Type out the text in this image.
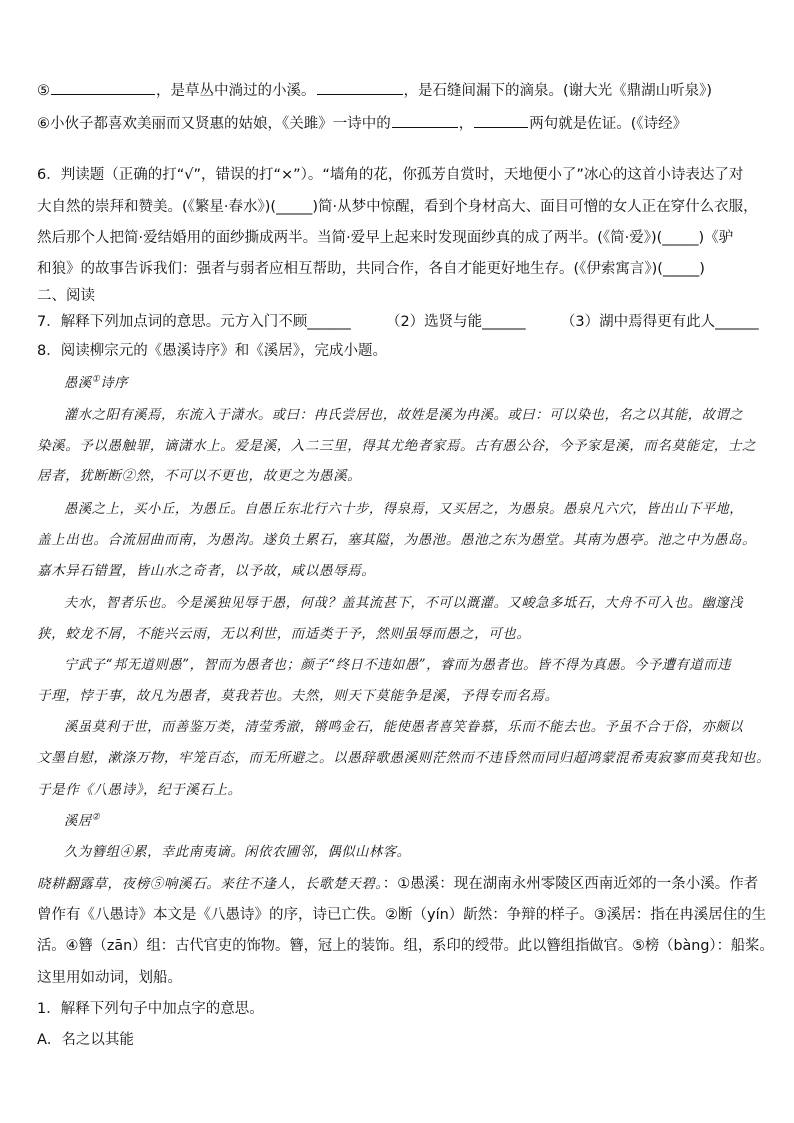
⑤	，是草丛中淌过的小溪。	，是石缝间漏下的滴泉。(谢大光《鼎湖山听泉》)
⑥小伙子都喜欢美丽而又贤惠的姑娘，《关雎》一诗中的	，	两句就是佐证。(《诗经》
6．判读题（正确的打“√”，错误的打“×”）。“墙角的花，你孤芳自赏时，天地便小了”冰心的这首小诗表达了对
大自然的崇拜和赞美。(《繁星·春水》)(_____)简·从梦中惊醒，看到个身材高大、面目可憎的女人正在穿什么衣服，
然后那个人把简·爱结婚用的面纱撕成两半。当简·爱早上起来时发现面纱真的成了两半。(《简·爱》)(_____)《驴
和狼》的故事告诉我们：强者与弱者应相互帮助，共同合作，各自才能更好地生存。(《伊索寓言》)(_____)
二、阅读
7．解释下列加点词的意思。元方入门不顾______ （2）选贤与能______ （3）湖中焉得更有此人______
8．阅读柳宗元的《愚溪诗序》和《溪居》，完成小题。
愚溪①诗序
灌水之阳有溪焉，东流入于潇水。或曰：冉氏尝居也，故姓是溪为冉溪。或曰：可以染也，名之以其能，故谓之
染溪。予以愚触罪，谪潇水上。爱是溪，入二三里，得其尤绝者家焉。古有愚公谷，今予家是溪，而名莫能定，士之
居者，犹断断②然，不可以不更也，故更之为愚溪。
愚溪之上，买小丘，为愚丘。自愚丘东北行六十步，得泉焉，又买居之，为愚泉。愚泉凡六穴，皆出山下平地，
盖上出也。合流屈曲而南，为愚沟。遂负土累石，塞其隘，为愚池。愚池之东为愚堂。其南为愚亭。池之中为愚岛。
嘉木异石错置，皆山水之奇者，以予故，咸以愚辱焉。
夫水，智者乐也。今是溪独见辱于愚，何哉？盖其流甚下，不可以溉灌。又峻急多坻石，大舟不可入也。幽邃浅
狭，蛟龙不屑，不能兴云雨，无以利世，而适类于予，然则虽辱而愚之，可也。
宁武子“邦无道则愚”，智而为愚者也；颜子“终日不违如愚”，睿而为愚者也。皆不得为真愚。今予遭有道而违
于理，悖于事，故凡为愚者，莫我若也。夫然，则天下莫能争是溪，予得专而名焉。
溪虽莫利于世，而善鉴万类，清莹秀澈，锵鸣金石，能使愚者喜笑眷慕，乐而不能去也。予虽不合于俗，亦颇以
文墨自慰，漱涤万物，牢笼百态，而无所避之。以愚辞歌愚溪则茫然而不违昏然而同归超鸿蒙混希夷寂寥而莫我知也。
于是作《八愚诗》，纪于溪石上。
溪居②
久为簪组④累，幸此南夷谪。闲依农圃邻，偶似山林客。
晓耕翻露草，夜榜⑤响溪石。来往不逢人，长歌楚天碧。：①愚溪：现在湖南永州零陵区西南近郊的一条小溪。作者
曾作有《八愚诗》本文是《八愚诗》的序，诗已亡佚。②断（yín）龂然：争辩的样子。③溪居：指在冉溪居住的生
活。④簪（zān）组：古代官吏的饰物。簪，冠上的装饰。组，系印的绶带。此以簪组指做官。⑤榜（bàng）：船桨。
这里用如动词，划船。
1．解释下列句子中加点字的意思。
A．名之以其能
